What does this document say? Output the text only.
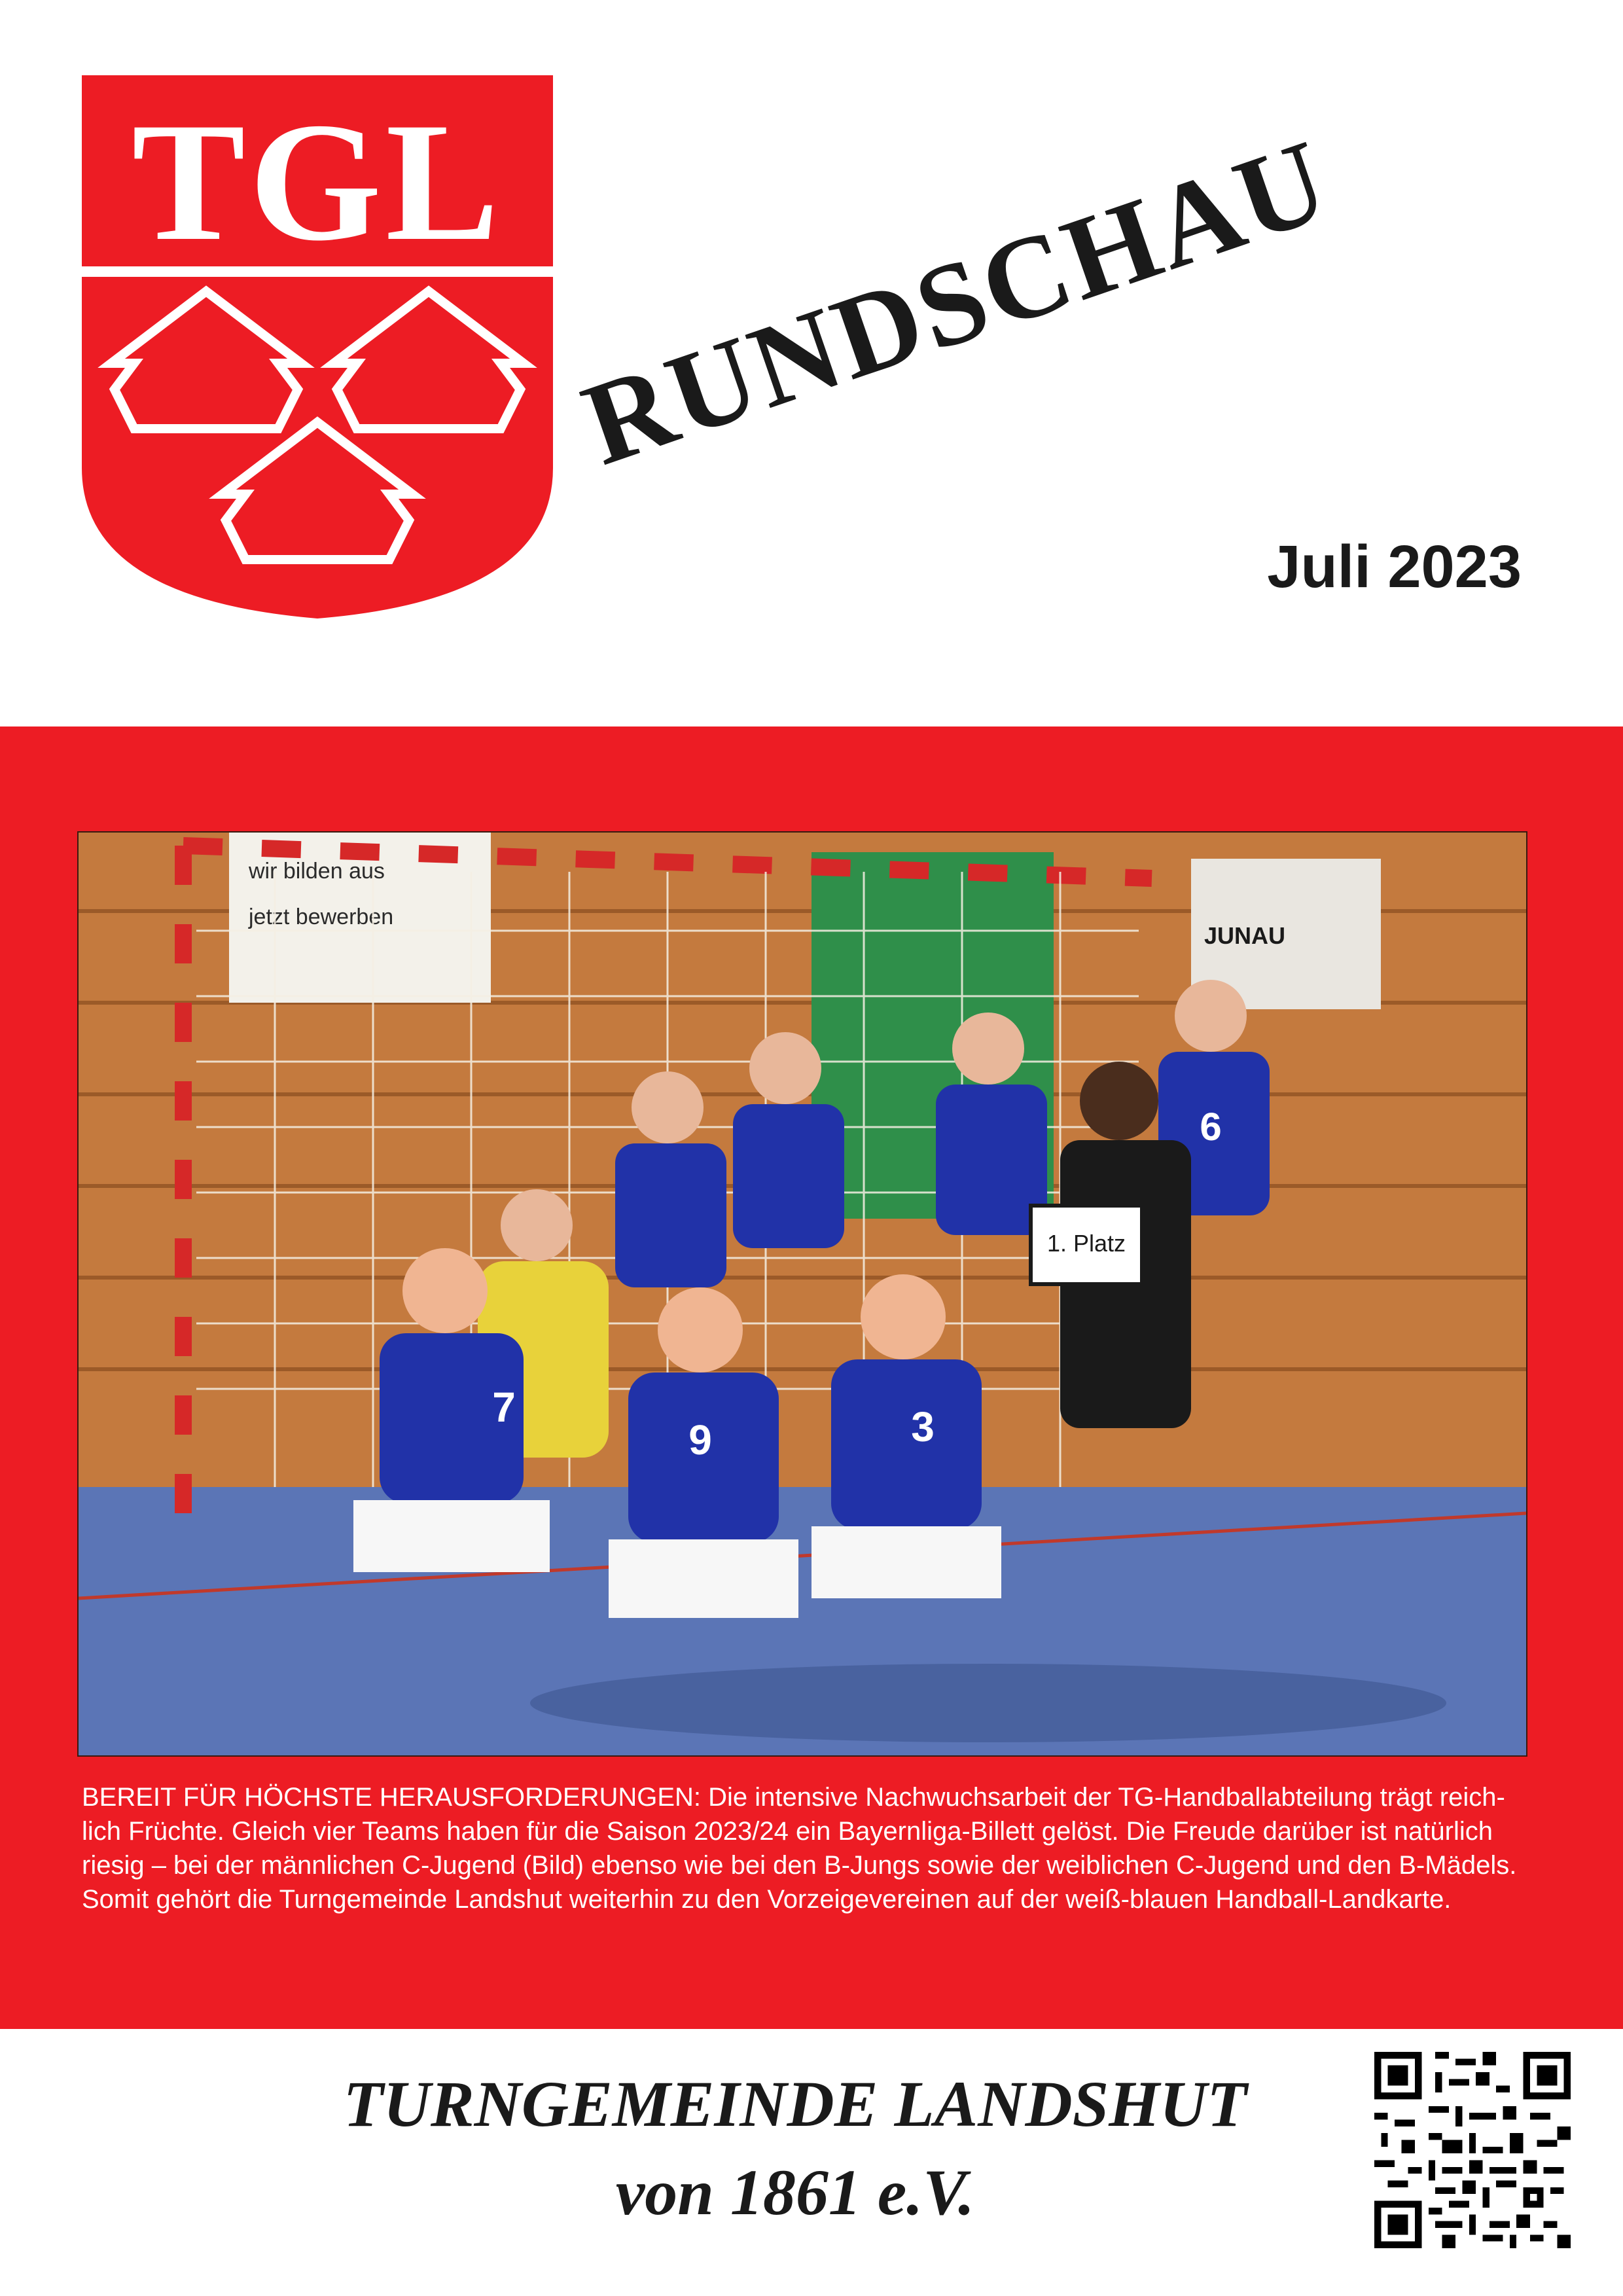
TGL RUNDSCHAU
Juli 2023
wir bilden aus
jetzt bewerben
JUNAU
6
7
9	3
1. Platz

BEREIT FÜR HÖCHSTE HERAUSFORDERUNGEN: Die intensive Nachwuchsarbeit der TG-Handballabteilung trägt reich-lich Früchte. Gleich vier Teams haben für die Saison 2023/24 ein Bayernliga-Billett gelöst. Die Freude darüber ist natürlich riesig – bei der männlichen C-Jugend (Bild) ebenso wie bei den B-Jungs sowie der weiblichen C-Jugend und den B-Mädels. Somit gehört die Turngemeinde Landshut weiterhin zu den Vorzeigevereinen auf der weiß-blauen Handball-Landkarte.

TURNGEMEINDE LANDSHUT

von 1861 e.V.
